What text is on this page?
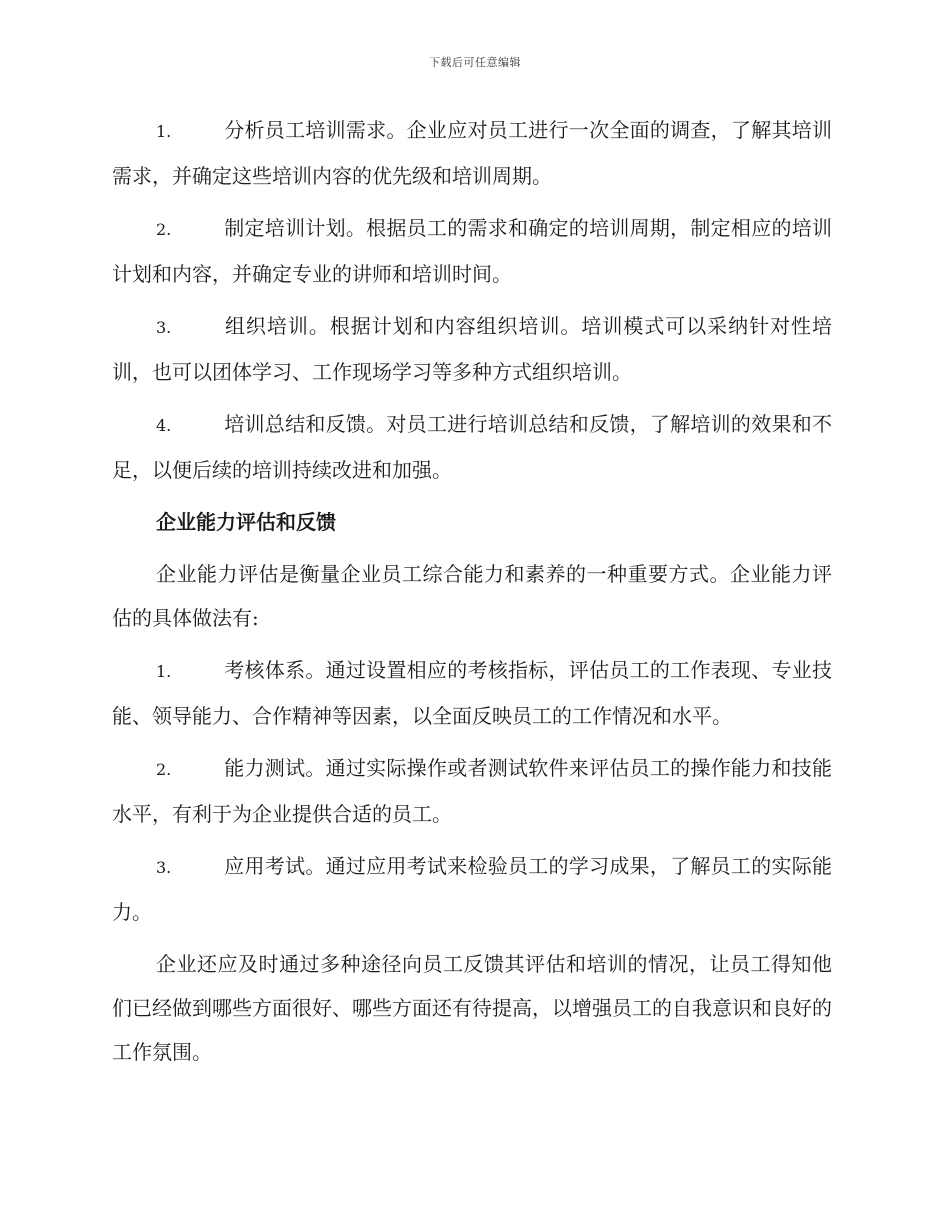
下载后可任意编辑
1.	分析员工培训需求。企业应对员工进行一次全面的调查，了解其培训需求，并确定这些培训内容的优先级和培训周期。
2.	制定培训计划。根据员工的需求和确定的培训周期，制定相应的培训计划和内容，并确定专业的讲师和培训时间。
3.	组织培训。根据计划和内容组织培训。培训模式可以采纳针对性培训，也可以团体学习、工作现场学习等多种方式组织培训。
4.	培训总结和反馈。对员工进行培训总结和反馈，了解培训的效果和不足，以便后续的培训持续改进和加强。
企业能力评估和反馈
企业能力评估是衡量企业员工综合能力和素养的一种重要方式。企业能力评估的具体做法有:
1.	考核体系。通过设置相应的考核指标，评估员工的工作表现、专业技能、领导能力、合作精神等因素，以全面反映员工的工作情况和水平。
2.	能力测试。通过实际操作或者测试软件来评估员工的操作能力和技能水平，有利于为企业提供合适的员工。
3.	应用考试。通过应用考试来检验员工的学习成果，了解员工的实际能力。
企业还应及时通过多种途径向员工反馈其评估和培训的情况，让员工得知他们已经做到哪些方面很好、哪些方面还有待提高，以增强员工的自我意识和良好的工作氛围。
